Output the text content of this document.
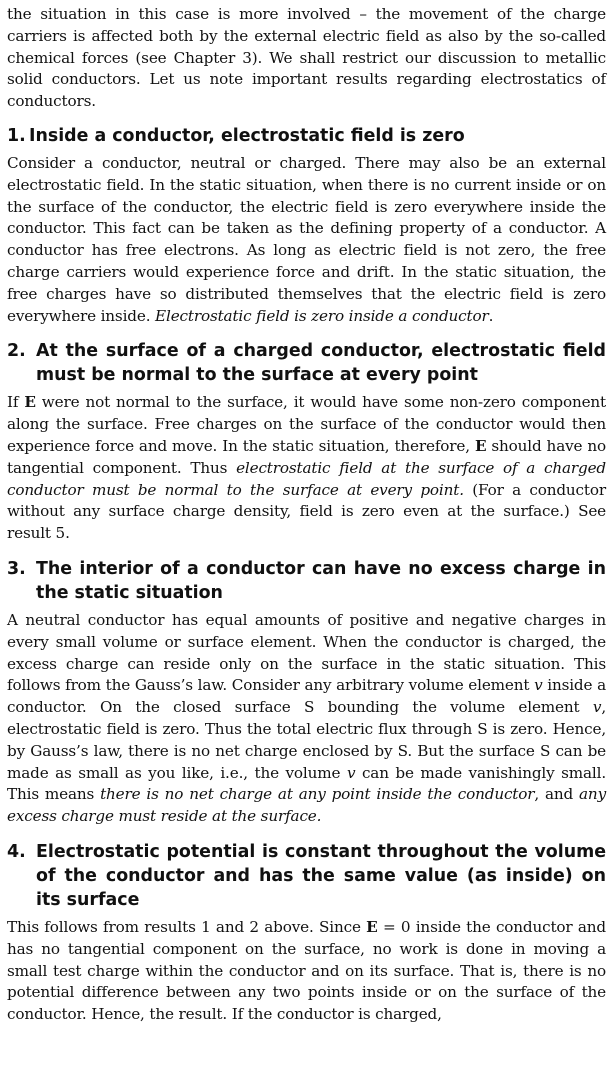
the situation in this case is more involved – the movement of the charge carriers is affected both by the external electric field as also by the so-called chemical forces (see Chapter 3). We shall restrict our discussion to metallic solid conductors. Let us note important results regarding electrostatics of conductors.

1. Inside a conductor, electrostatic field is zero

Consider a conductor, neutral or charged. There may also be an external electrostatic field. In the static situation, when there is no current inside or on the surface of the conductor, the electric field is zero everywhere inside the conductor. This fact can be taken as the defining property of a conductor. A conductor has free electrons. As long as electric field is not zero, the free charge carriers would experience force and drift. In the static situation, the free charges have so distributed themselves that the electric field is zero everywhere inside. Electrostatic field is zero inside a conductor.

2. At the surface of a charged conductor, electrostatic field must be normal to the surface at every point

If E were not normal to the surface, it would have some non-zero component along the surface. Free charges on the surface of the conductor would then experience force and move. In the static situation, therefore, E should have no tangential component. Thus electrostatic field at the surface of a charged conductor must be normal to the surface at every point. (For a conductor without any surface charge density, field is zero even at the surface.) See result 5.

3. The interior of a conductor can have no excess charge in the static situation

A neutral conductor has equal amounts of positive and negative charges in every small volume or surface element. When the conductor is charged, the excess charge can reside only on the surface in the static situation. This follows from the Gauss’s law. Consider any arbitrary volume element v inside a conductor. On the closed surface S bounding the volume element v, electrostatic field is zero. Thus the total electric flux through S is zero. Hence, by Gauss’s law, there is no net charge enclosed by S. But the surface S can be made as small as you like, i.e., the volume v can be made vanishingly small. This means there is no net charge at any point inside the conductor, and any excess charge must reside at the surface.

4. Electrostatic potential is constant throughout the volume of the conductor and has the same value (as inside) on its surface

This follows from results 1 and 2 above. Since E = 0 inside the conductor and has no tangential component on the surface, no work is done in moving a small test charge within the conductor and on its surface. That is, there is no potential difference between any two points inside or on the surface of the conductor. Hence, the result. If the conductor is charged,
